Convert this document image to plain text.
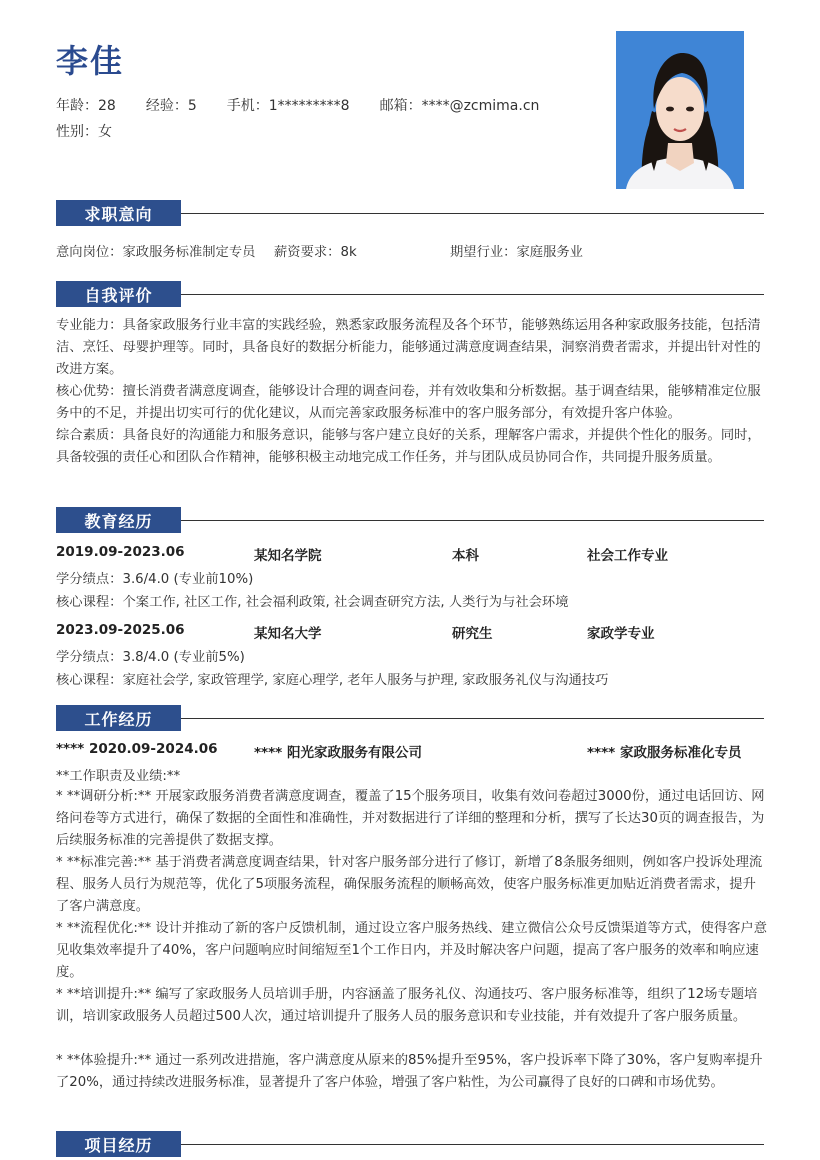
李佳
年龄：28 经验：5 手机：1*********8 邮箱：****@zcmima.cn
性别：女
求职意向
意向岗位：家政服务标准制定专员 薪资要求：8k	期望行业：家庭服务业
自我评价
专业能力：具备家政服务行业丰富的实践经验，熟悉家政服务流程及各个环节，能够熟练运用各种家政服务技能，包括清洁、烹饪、母婴护理等。同时，具备良好的数据分析能力，能够通过满意度调查结果，洞察消费者需求，并提出针对性的改进方案。
核心优势：擅长消费者满意度调查，能够设计合理的调查问卷，并有效收集和分析数据。基于调查结果，能够精准定位服务中的不足，并提出切实可行的优化建议，从而完善家政服务标准中的客户服务部分，有效提升客户体验。
综合素质：具备良好的沟通能力和服务意识，能够与客户建立良好的关系，理解客户需求，并提供个性化的服务。同时，具备较强的责任心和团队合作精神，能够积极主动地完成工作任务，并与团队成员协同合作，共同提升服务质量。
教育经历
2019.09-2023.06	某知名学院	本科	社会工作专业
学分绩点：3.6/4.0 (专业前10%)
核心课程：个案工作, 社区工作, 社会福利政策, 社会调查研究方法, 人类行为与社会环境
2023.09-2025.06	某知名大学	研究生	家政学专业
学分绩点：3.8/4.0 (专业前5%)
核心课程：家庭社会学, 家政管理学, 家庭心理学, 老年人服务与护理, 家政服务礼仪与沟通技巧
工作经历
**** 2020.09-2024.06	**** 阳光家政服务有限公司	**** 家政服务标准化专员
**工作职责及业绩:**
* **调研分析:** 开展家政服务消费者满意度调查，覆盖了15个服务项目，收集有效问卷超过3000份，通过电话回访、网络问卷等方式进行，确保了数据的全面性和准确性，并对数据进行了详细的整理和分析，撰写了长达30页的调查报告，为后续服务标准的完善提供了数据支撑。
* **标准完善:** 基于消费者满意度调查结果，针对客户服务部分进行了修订，新增了8条服务细则，例如客户投诉处理流程、服务人员行为规范等，优化了5项服务流程，确保服务流程的顺畅高效，使客户服务标准更加贴近消费者需求，提升了客户满意度。
* **流程优化:** 设计并推动了新的客户反馈机制，通过设立客户服务热线、建立微信公众号反馈渠道等方式，使得客户意见收集效率提升了40%，客户问题响应时间缩短至1个工作日内，并及时解决客户问题，提高了客户服务的效率和响应速度。
* **培训提升:** 编写了家政服务人员培训手册，内容涵盖了服务礼仪、沟通技巧、客户服务标准等，组织了12场专题培训，培训家政服务人员超过500人次，通过培训提升了服务人员的服务意识和专业技能，并有效提升了客户服务质量。
* **体验提升:** 通过一系列改进措施，客户满意度从原来的85%提升至95%，客户投诉率下降了30%，客户复购率提升了20%，通过持续改进服务标准，显著提升了客户体验，增强了客户粘性，为公司赢得了良好的口碑和市场优势。
项目经历
